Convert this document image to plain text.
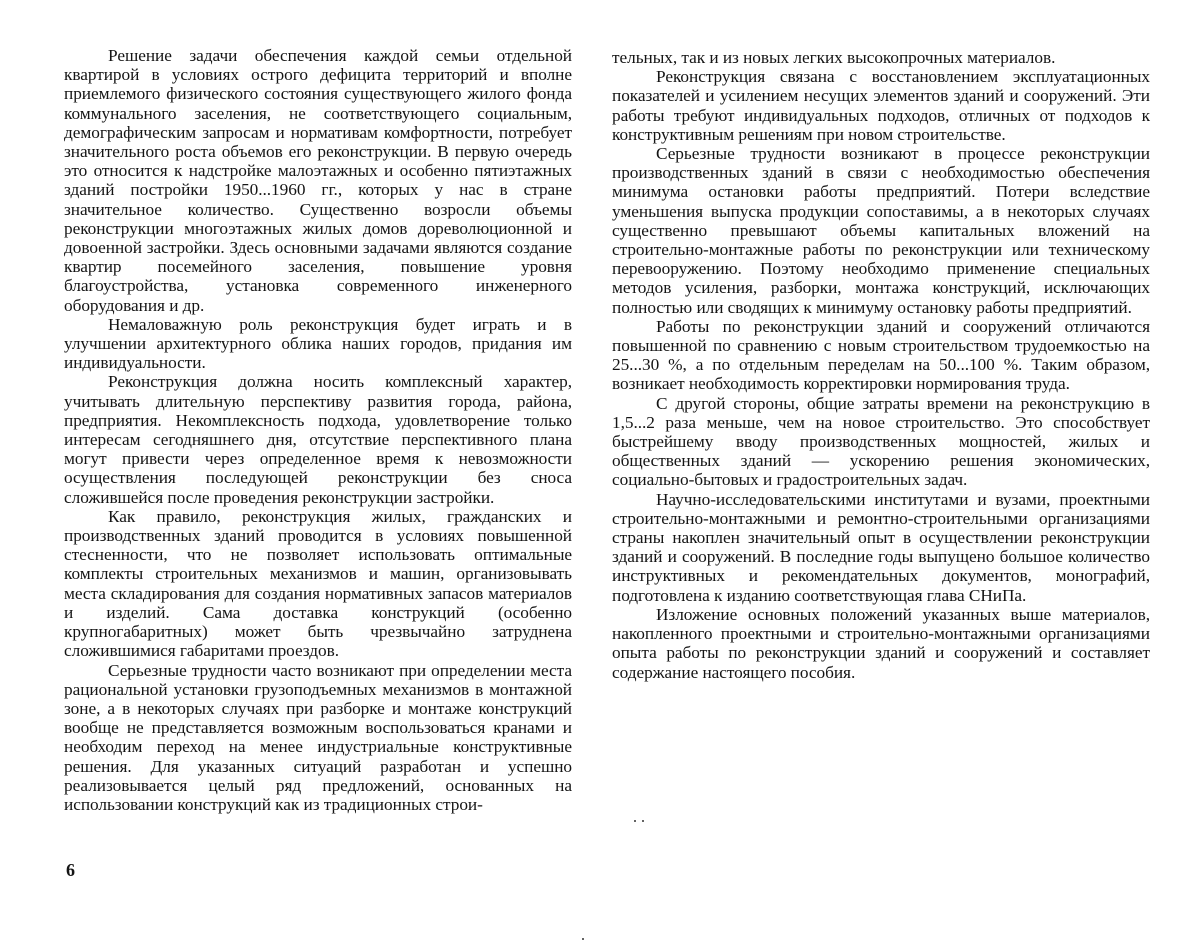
Решение задачи обеспечения каждой семьи отдельной квартирой в условиях острого дефицита территорий и вполне приемлемого физического состояния существующего жилого фонда коммунального заселения, не соответствующего социальным, демографическим запросам и нормативам комфортности, потребует значительного роста объемов его реконструкции. В первую очередь это относится к надстройке малоэтажных и особенно пятиэтажных зданий постройки 1950...1960 гг., которых у нас в стране значительное количество. Существенно возросли объемы реконструкции многоэтажных жилых домов дореволюционной и довоенной застройки. Здесь основными задачами являются создание квартир посемейного заселения, повышение уровня благоустройства, установка современного инженерного оборудования и др.

Немаловажную роль реконструкция будет играть и в улучшении архитектурного облика наших городов, придания им индивидуальности.

Реконструкция должна носить комплексный характер, учитывать длительную перспективу развития города, района, предприятия. Некомплексность подхода, удовлетворение только интересам сегодняшнего дня, отсутствие перспективного плана могут привести через определенное время к невозможности осуществления последующей реконструкции без сноса сложившейся после проведения реконструкции застройки.

Как правило, реконструкция жилых, гражданских и производственных зданий проводится в условиях повышенной стесненности, что не позволяет использовать оптимальные комплекты строительных механизмов и машин, организовывать места складирования для создания нормативных запасов материалов и изделий. Сама доставка конструкций (особенно крупногабаритных) может быть чрезвычайно затруднена сложившимися габаритами проездов.

Серьезные трудности часто возникают при определении места рациональной установки грузоподъемных механизмов в монтажной зоне, а в некоторых случаях при разборке и монтаже конструкций вообще не представляется возможным воспользоваться кранами и необходим переход на менее индустриальные конструктивные решения. Для указанных ситуаций разработан и успешно реализовывается целый ряд предложений, основанных на использовании конструкций как из традиционных строи-

6

тельных, так и из новых легких высокопрочных материалов.

Реконструкция связана с восстановлением эксплуатационных показателей и усилением несущих элементов зданий и сооружений. Эти работы требуют индивидуальных подходов, отличных от подходов к конструктивным решениям при новом строительстве.

Серьезные трудности возникают в процессе реконструкции производственных зданий в связи с необходимостью обеспечения минимума остановки работы предприятий. Потери вследствие уменьшения выпуска продукции сопоставимы, а в некоторых случаях существенно превышают объемы капитальных вложений на строительно-монтажные работы по реконструкции или техническому перевооружению. Поэтому необходимо применение специальных методов усиления, разборки, монтажа конструкций, исключающих полностью или сводящих к минимуму остановку работы предприятий.

Работы по реконструкции зданий и сооружений отличаются повышенной по сравнению с новым строительством трудоемкостью на 25...30 %, а по отдельным переделам на 50...100 %. Таким образом, возникает необходимость корректировки нормирования труда.

С другой стороны, общие затраты времени на реконструкцию в 1,5...2 раза меньше, чем на новое строительство. Это способствует быстрейшему вводу производственных мощностей, жилых и общественных зданий — ускорению решения экономических, социально-бытовых и градостроительных задач.

Научно-исследовательскими институтами и вузами, проектными строительно-монтажными и ремонтно-строительными организациями страны накоплен значительный опыт в осуществлении реконструкции зданий и сооружений. В последние годы выпущено большое количество инструктивных и рекомендательных документов, монографий, подготовлена к изданию соответствующая глава СНиПа.

Изложение основных положений указанных выше материалов, накопленного проектными и строительно-монтажными организациями опыта работы по реконструкции зданий и сооружений и составляет содержание настоящего пособия.
